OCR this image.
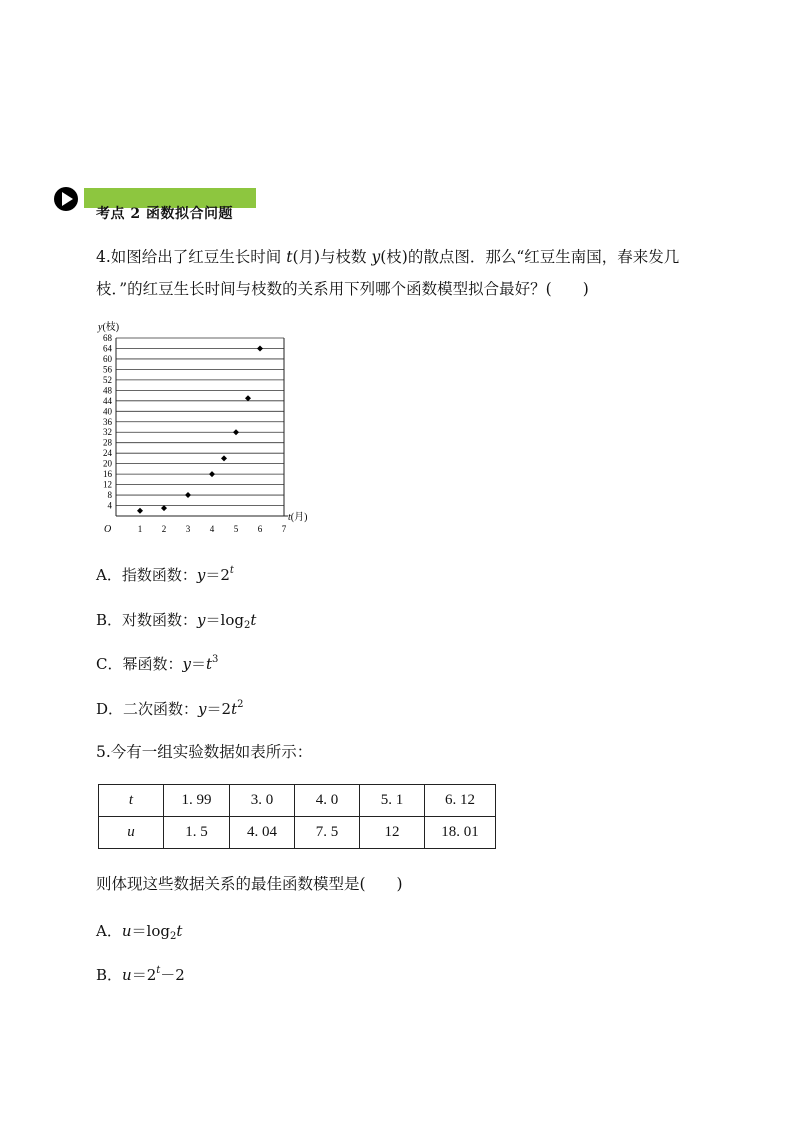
考点 2 函数拟合问题
4.如图给出了红豆生长时间 t(月)与枝数 y(枝)的散点图．那么“红豆生南国，春来发几
枝．”的红豆生长时间与枝数的关系用下列哪个函数模型拟合最好？(　　)
4
8
12
16
20
24
28
32
36
40
44
48
52
56
60
64
68
1 2 3 4 5 6 7
y(枝)
t(月)
O
A．指数函数：$y=2^t$
B．对数函数：$y=\log_2t$
C．幂函数：$y=t^3$
D．二次函数：$y=2t^2$
5.今有一组实验数据如表所示：
t	1. 99	3. 0	4. 0	5. 1	6. 12
u	1. 5	4. 04	7. 5	12	18. 01
则体现这些数据关系的最佳函数模型是(　　)
A．$u=\log_2t$
B．$u=2^t-2$
